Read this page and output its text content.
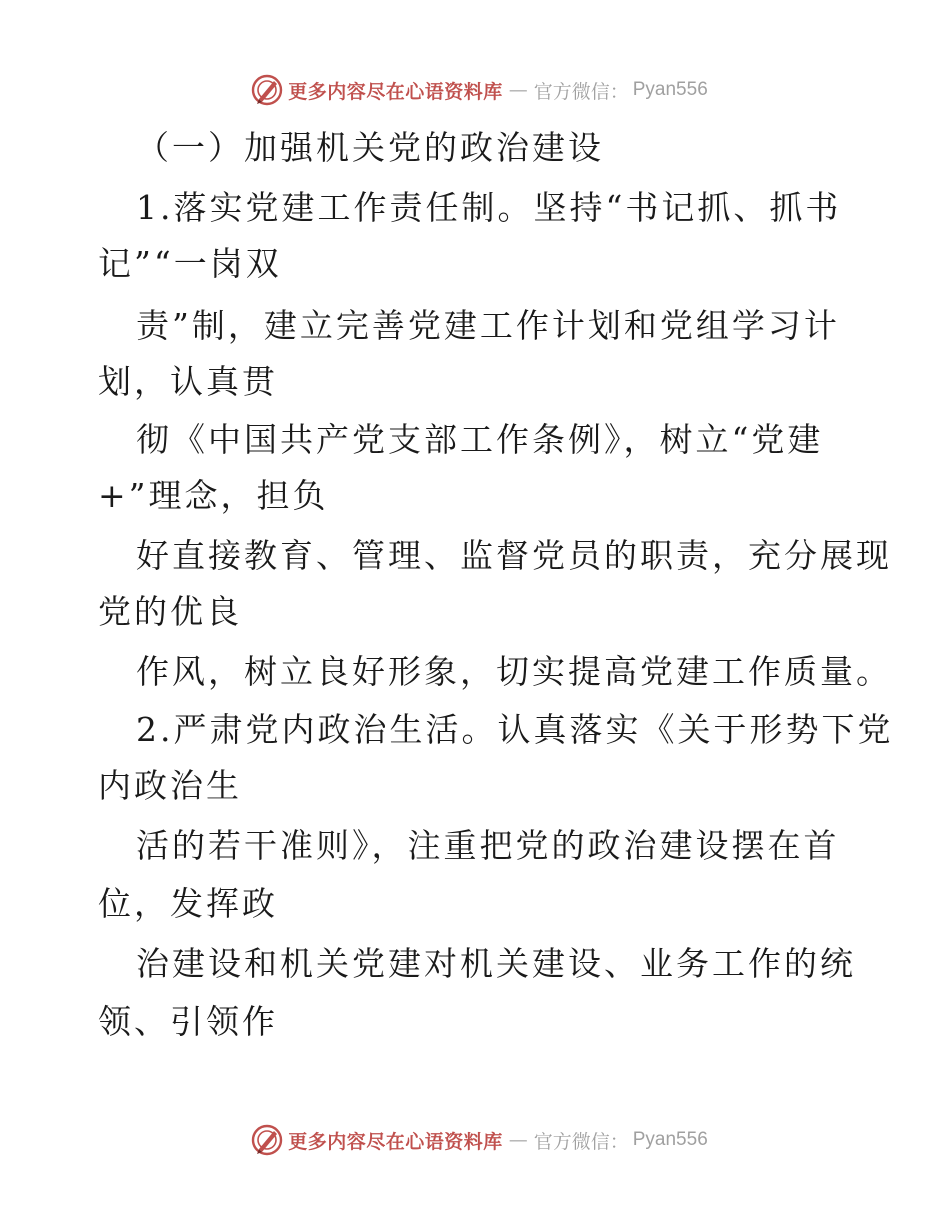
更多内容尽在心语资料库 — 官方微信： Pyan556
（一）加强机关党的政治建设
1.落实党建工作责任制。坚持“书记抓、抓书
记”“一岗双
责”制，建立完善党建工作计划和党组学习计
划，认真贯
彻《中国共产党支部工作条例》，树立“党建
+”理念，担负
好直接教育、管理、监督党员的职责，充分展现
党的优良
作风，树立良好形象，切实提高党建工作质量。
2.严肃党内政治生活。认真落实《关于形势下党
内政治生
活的若干准则》，注重把党的政治建设摆在首
位，发挥政
治建设和机关党建对机关建设、业务工作的统
领、引领作
更多内容尽在心语资料库 — 官方微信： Pyan556
